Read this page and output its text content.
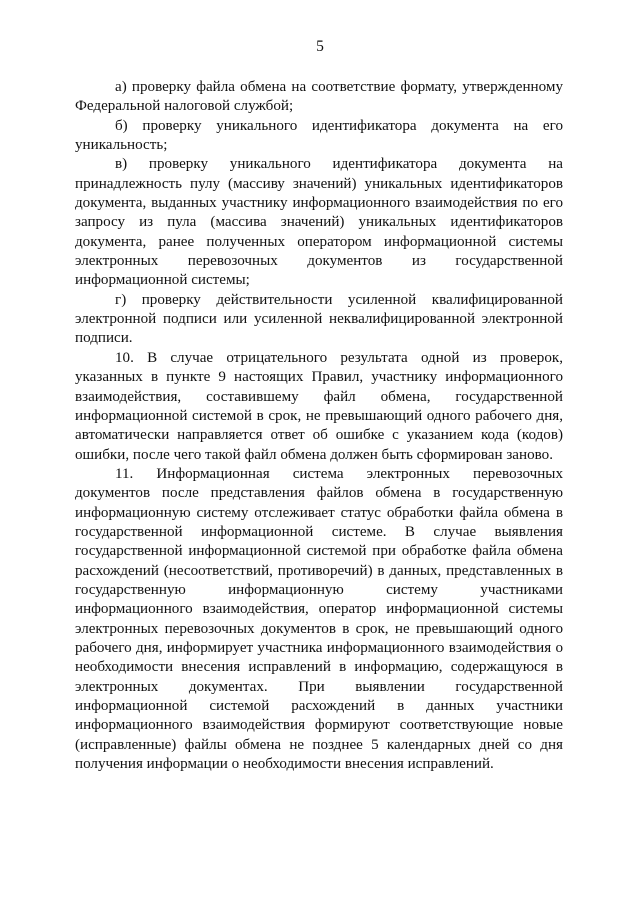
5

а) проверку файла обмена на соответствие формату, утвержденному Федеральной налоговой службой;

б) проверку уникального идентификатора документа на его уникальность;

в) проверку уникального идентификатора документа на принадлежность пулу (массиву значений) уникальных идентификаторов документа, выданных участнику информационного взаимодействия по его запросу из пула (массива значений) уникальных идентификаторов документа, ранее полученных оператором информационной системы электронных перевозочных документов из государственной информационной системы;

г) проверку действительности усиленной квалифицированной электронной подписи или усиленной неквалифицированной электронной подписи.

10. В случае отрицательного результата одной из проверок, указанных в пункте 9 настоящих Правил, участнику информационного взаимодействия, составившему файл обмена, государственной информационной системой в срок, не превышающий одного рабочего дня, автоматически направляется ответ об ошибке с указанием кода (кодов) ошибки, после чего такой файл обмена должен быть сформирован заново.

11. Информационная система электронных перевозочных документов после представления файлов обмена в государственную информационную систему отслеживает статус обработки файла обмена в государственной информационной системе. В случае выявления государственной информационной системой при обработке файла обмена расхождений (несоответствий, противоречий) в данных, представленных в государственную информационную систему участниками информационного взаимодействия, оператор информационной системы электронных перевозочных документов в срок, не превышающий одного рабочего дня, информирует участника информационного взаимодействия о необходимости внесения исправлений в информацию, содержащуюся в электронных документах. При выявлении государственной информационной системой расхождений в данных участники информационного взаимодействия формируют соответствующие новые (исправленные) файлы обмена не позднее 5 календарных дней со дня получения информации о необходимости внесения исправлений.
